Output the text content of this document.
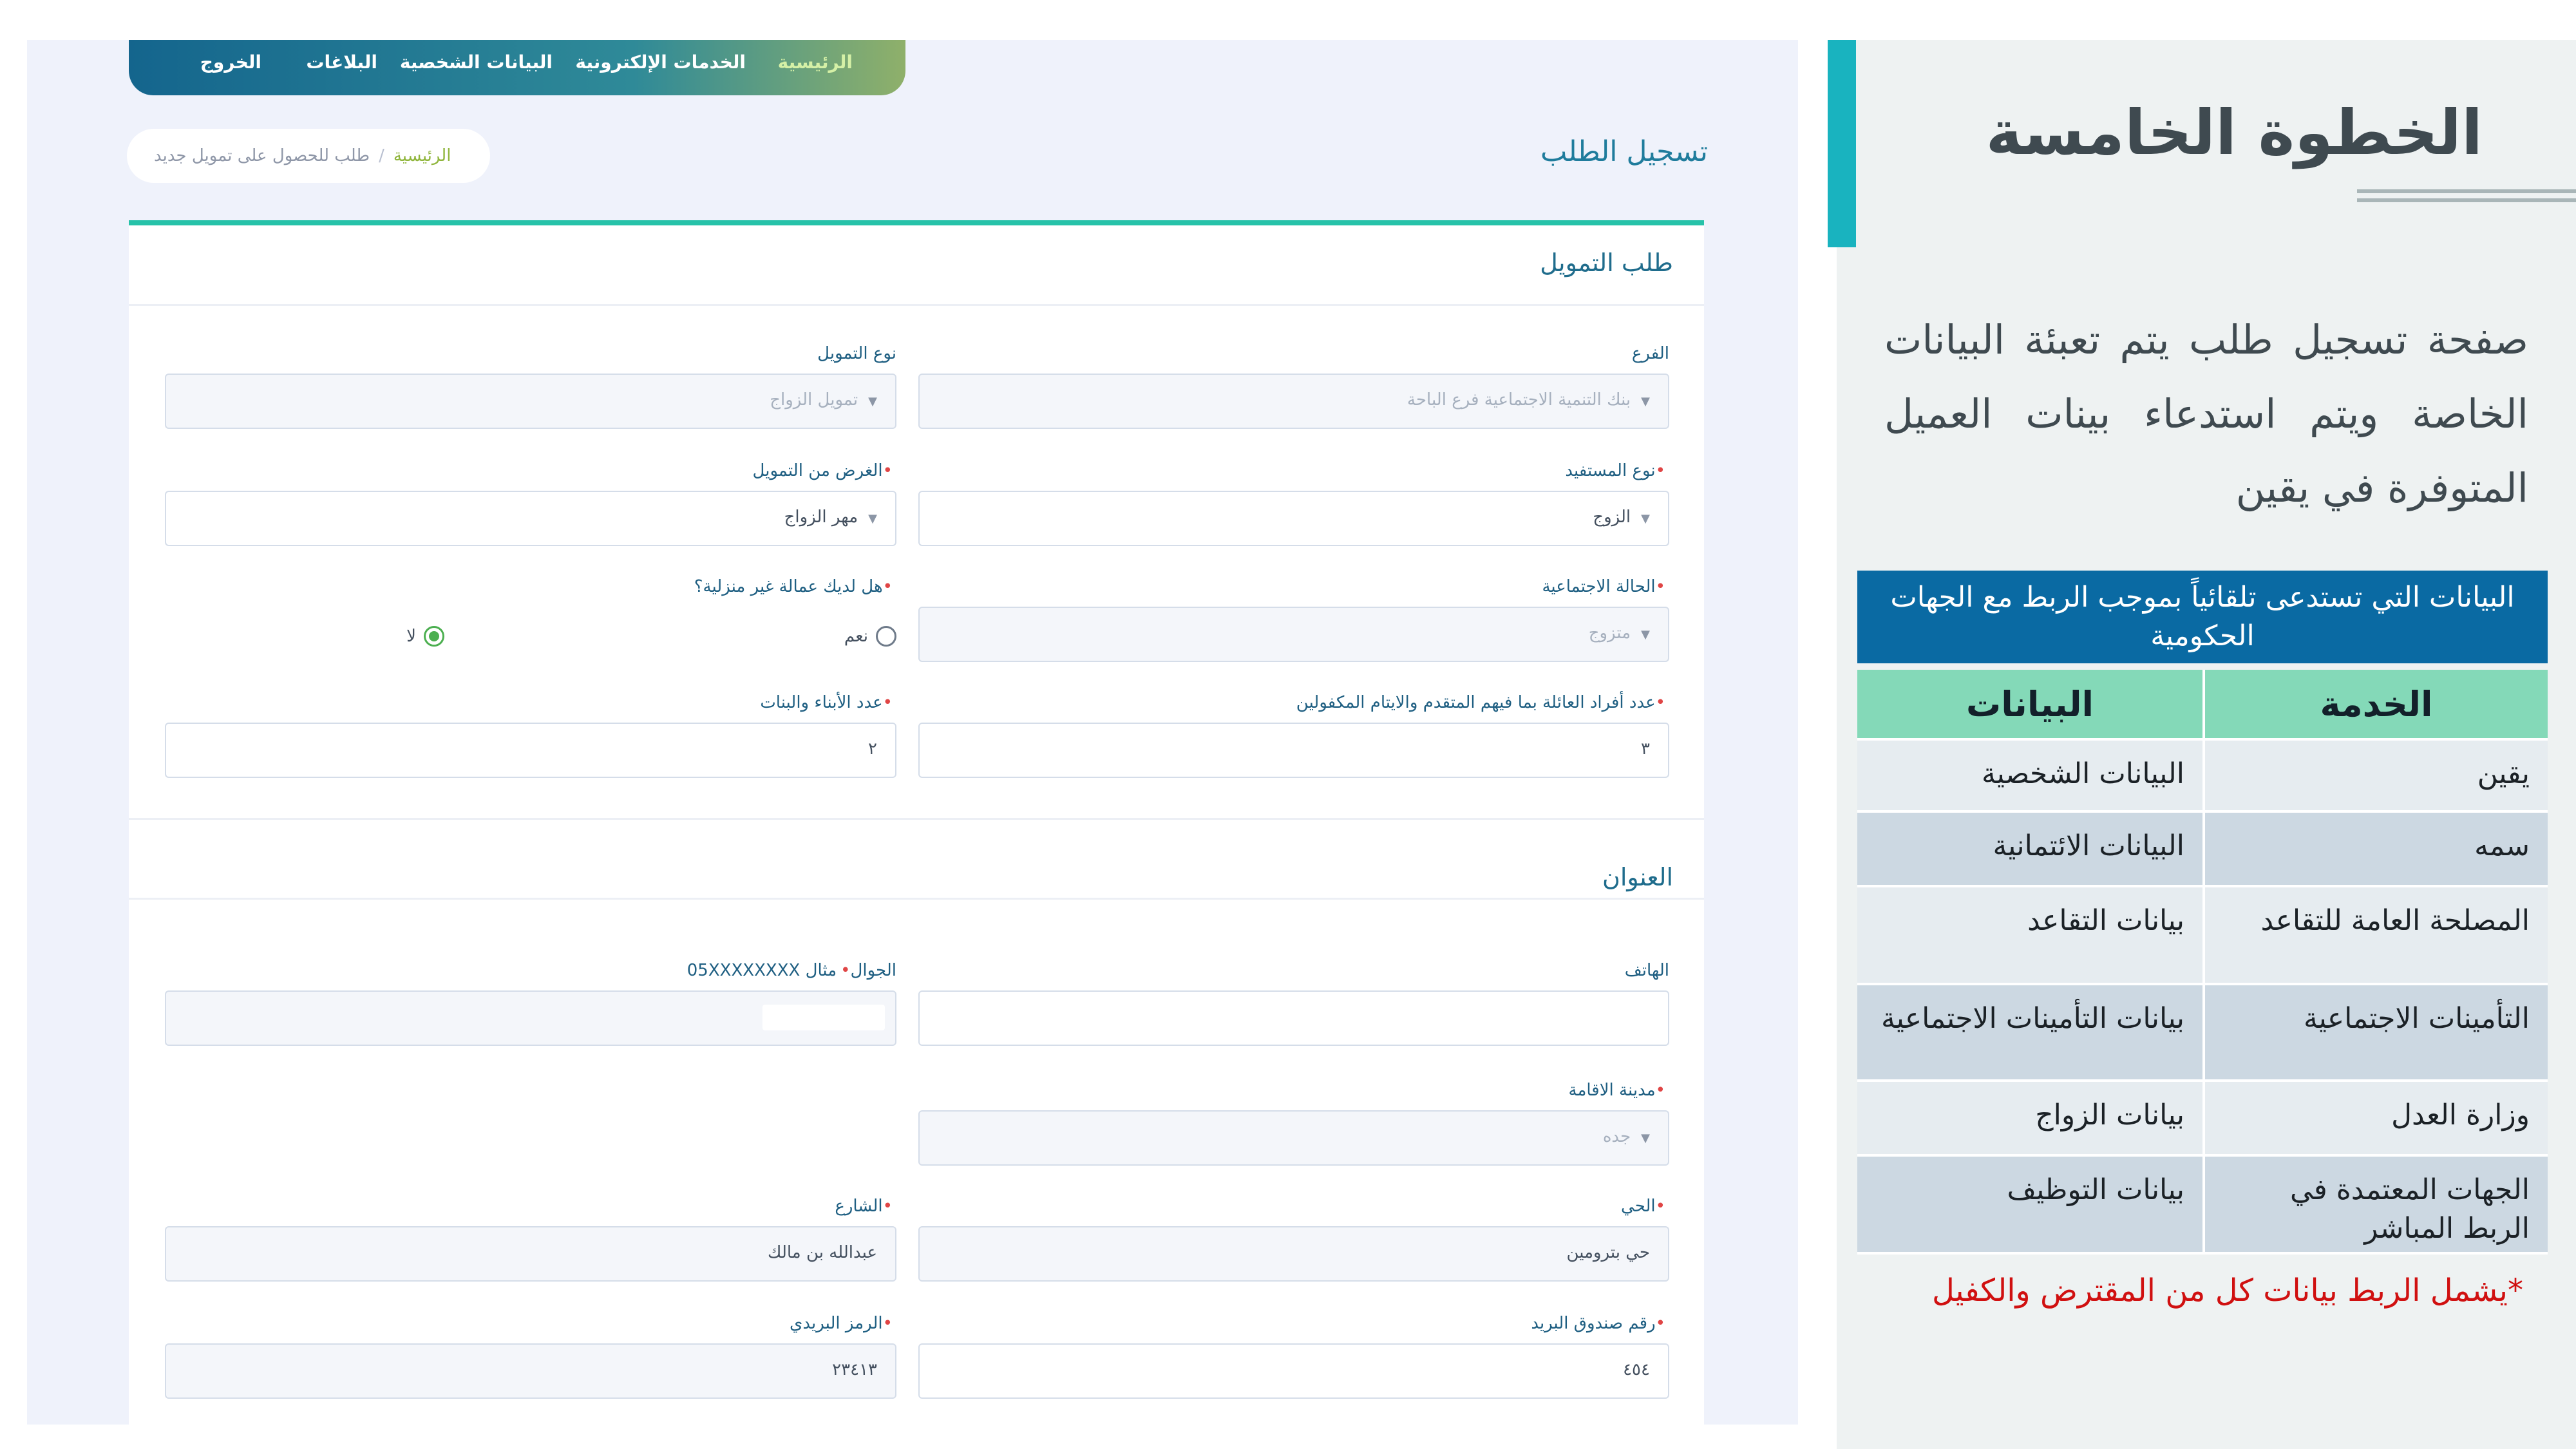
الرئيسية
الخدمات الإلكترونية
البيانات الشخصية
البلاغات
الخروج
تسجيل الطلب
الرئيسية
/
طلب للحصول على تمويل جديد
طلب التمويل
الفرع
▼بنك التنمية الاجتماعية فرع الباحة
نوع التمويل
▼تمويل الزواج
•نوع المستفيد
▼الزوج
•الغرض من التمويل
▼مهر الزواج
•الحالة الاجتماعية
▼متزوج
•هل لديك عمالة غير منزلية؟
نعم
لا
•عدد أفراد العائلة بما فيهم المتقدم والايتام المكفولين
٣
•عدد الأبناء والبنات
٢
العنوان
الهاتف
الجوال•مثال 05XXXXXXXX
•مدينة الاقامة
▼جده
•الحي
حي بترومين
•الشارع
عبدالله بن مالك
•رقم صندوق البريد
٤٥٤
•الرمز البريدي
٢٣٤١٣
الخطوة الخامسة
صفحة تسجيل طلب يتم تعبئة البيانات الخاصة ويتم استدعاء بينات العميل المتوفرة في يقين
البيانات التي تستدعى تلقائياً بموجب الربط مع الجهات الحكومية
الخدمة	البيانات
يقين	البيانات الشخصية
سمه	البيانات الائتمانية
المصلحة العامة للتقاعد	بيانات التقاعد
التأمينات الاجتماعية	بيانات التأمينات الاجتماعية
وزارة العدل	بيانات الزواج
الجهات المعتمدة في الربط المباشر	بيانات التوظيف
*يشمل الربط بيانات كل من المقترض والكفيل
